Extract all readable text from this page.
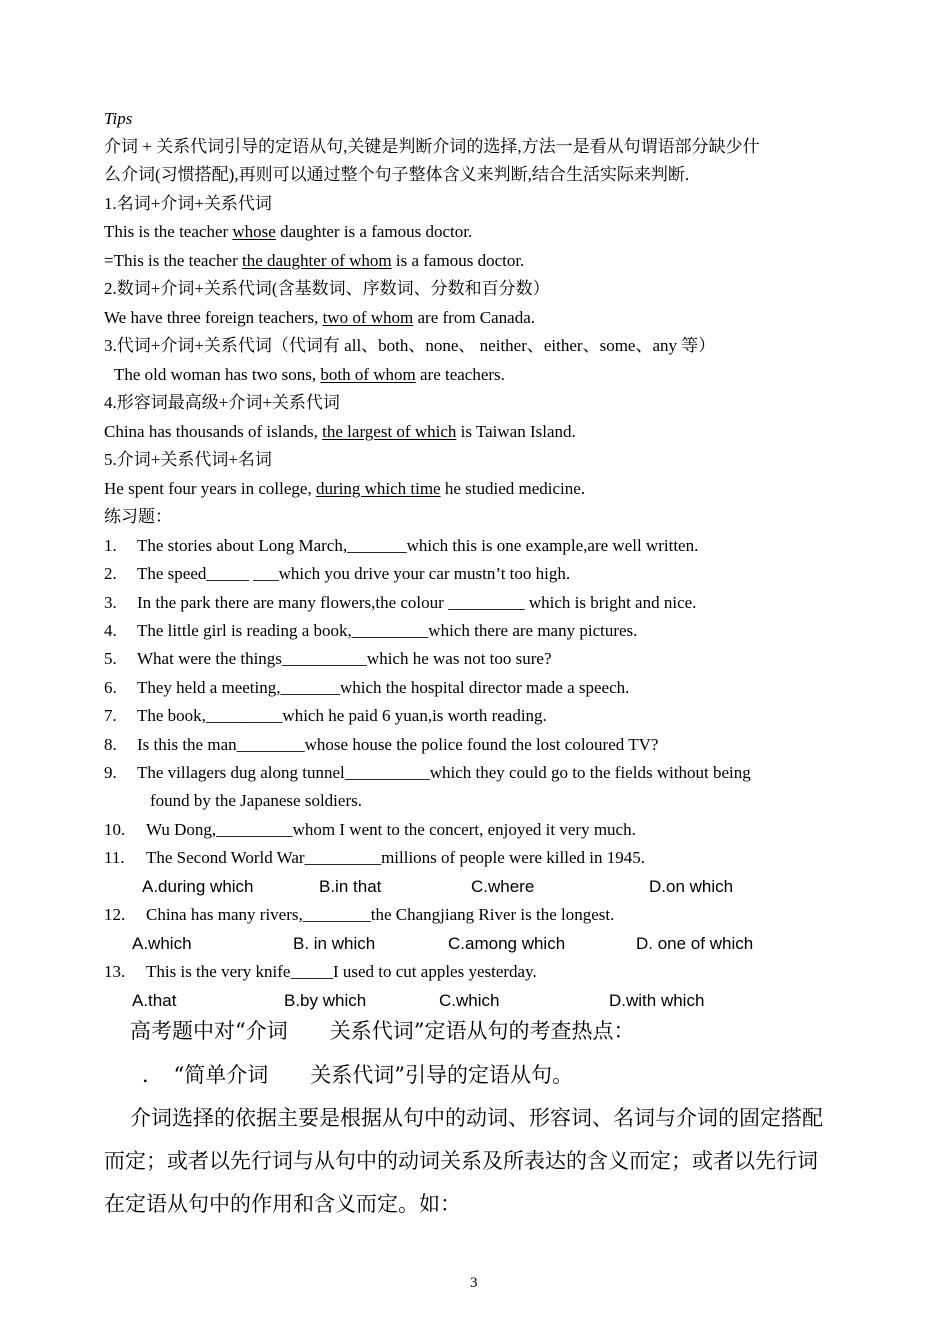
Tips
介词 + 关系代词引导的定语从句,关键是判断介词的选择,方法一是看从句谓语部分缺少什
么介词(习惯搭配),再则可以通过整个句子整体含义来判断,结合生活实际来判断.
1.名词+介词+关系代词
This is the teacher whose daughter is a famous doctor.
=This is the teacher the daughter of whom is a famous doctor.
2.数词+介词+关系代词(含基数词、序数词、分数和百分数）
We have three foreign teachers, two of whom are from Canada.
3.代词+介词+关系代词（代词有 all、both、none、 neither、either、some、any 等）
The old woman has two sons, both of whom are teachers.
4.形容词最高级+介词+关系代词
China has thousands of islands, the largest of which is Taiwan Island.
5.介词+关系代词+名词
He spent four years in college, during which time he studied medicine.
练习题：
1. The stories about Long March,_______which this is one example,are well written.
2. The speed_____ ___which you drive your car mustn’t too high.
3. In the park there are many flowers,the colour _________ which is bright and nice.
4. The little girl is reading a book,_________which there are many pictures.
5. What were the things__________which he was not too sure?
6. They held a meeting,_______which the hospital director made a speech.
7. The book,_________which he paid 6 yuan,is worth reading.
8. Is this the man________whose house the police found the lost coloured TV?
9. The villagers dug along tunnel__________which they could go to the fields without being
found by the Japanese soldiers.
10. Wu Dong,_________whom I went to the concert, enjoyed it very much.
11. The Second World War_________millions of people were killed in 1945.
A.during which	B.in that	C.where	D.on which
12. China has many rivers,________the Changjiang River is the longest.
A.which	B. in which	C.among which	D. one of which
13. This is the very knife_____I used to cut apples yesterday.
A.that	B.by which	C.which	D.with which
高考题中对“介词　　关系代词”定语从句的考查热点：
．　“简单介词　　关系代词”引导的定语从句。
介词选择的依据主要是根据从句中的动词、形容词、名词与介词的固定搭配
而定；或者以先行词与从句中的动词关系及所表达的含义而定；或者以先行词
在定语从句中的作用和含义而定。如：
3
